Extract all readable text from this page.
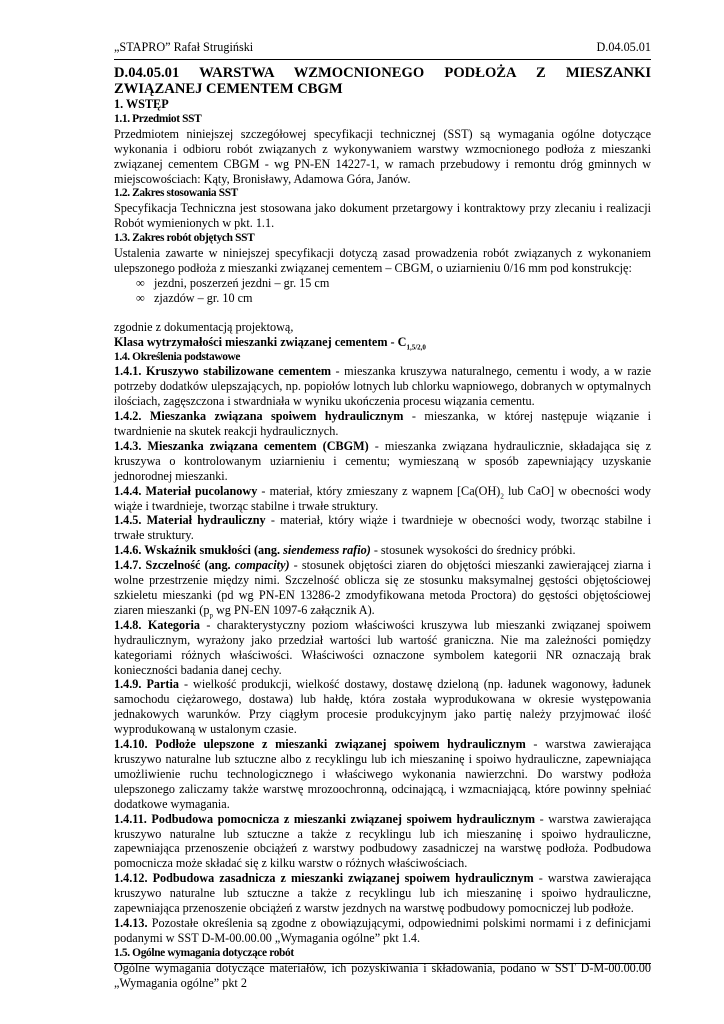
„STAPRO” Rafał Strugiński	D.04.05.01

D.04.05.01 WARSTWA WZMOCNIONEGO PODŁOŻA Z MIESZANKI ZWIĄZANEJ CEMENTEM CBGM

1. WSTĘP

1.1. Przedmiot SST

Przedmiotem niniejszej szczegółowej specyfikacji technicznej (SST) są wymagania ogólne dotyczące wykonania i odbioru robót związanych z wykonywaniem warstwy wzmocnionego podłoża z mieszanki związanej cementem CBGM - wg PN-EN 14227-1, w ramach przebudowy i remontu dróg gminnych w miejscowościach: Kąty, Bronisławy, Adamowa Góra, Janów.

1.2. Zakres stosowania SST

Specyfikacja Techniczna jest stosowana jako dokument przetargowy i kontraktowy przy zlecaniu i realizacji Robót wymienionych w pkt. 1.1.

1.3. Zakres robót objętych SST

Ustalenia zawarte w niniejszej specyfikacji dotyczą zasad prowadzenia robót związanych z wykonaniem ulepszonego podłoża z mieszanki związanej cementem – CBGM, o uziarnieniu 0/16 mm pod konstrukcję:

∞ jezdni, poszerzeń jezdni – gr. 15 cm

∞ zjazdów – gr. 10 cm

zgodnie z dokumentacją projektową,

Klasa wytrzymałości mieszanki związanej cementem - $C_{1,5/2,0}$

1.4. Określenia podstawowe

1.4.1. Kruszywo stabilizowane cementem - mieszanka kruszywa naturalnego, cementu i wody, a w razie potrzeby dodatków ulepszających, np. popiołów lotnych lub chlorku wapniowego, dobranych w optymalnych ilościach, zagęszczona i stwardniała w wyniku ukończenia procesu wiązania cementu.

1.4.2. Mieszanka związana spoiwem hydraulicznym - mieszanka, w której następuje wiązanie i twardnienie na skutek reakcji hydraulicznych.

1.4.3. Mieszanka związana cementem (CBGM) - mieszanka związana hydraulicznie, składająca się z kruszywa o kontrolowanym uziarnieniu i cementu; wymieszaną w sposób zapewniający uzyskanie jednorodnej mieszanki.

1.4.4. Materiał pucolanowy - materiał, który zmieszany z wapnem [$Ca(OH)_2$ lub CaO] w obecności wody wiąże i twardnieje, tworząc stabilne i trwałe struktury.

1.4.5. Materiał hydrauliczny - materiał, który wiąże i twardnieje w obecności wody, tworząc stabilne i trwałe struktury.

1.4.6. Wskaźnik smukłości (ang. siendemess rafio) - stosunek wysokości do średnicy próbki.

1.4.7. Szczelność (ang. compacity) - stosunek objętości ziaren do objętości mieszanki zawierającej ziarna i wolne przestrzenie między nimi. Szczelność oblicza się ze stosunku maksymalnej gęstości objętościowej szkieletu mieszanki (pd wg PN-EN 13286-2 zmodyfikowana metoda Proctora) do gęstości objętościowej ziaren mieszanki ($p_p$ wg PN-EN 1097-6 załącznik A).

1.4.8. Kategoria - charakterystyczny poziom właściwości kruszywa lub mieszanki związanej spoiwem hydraulicznym, wyrażony jako przedział wartości lub wartość graniczna. Nie ma zależności pomiędzy kategoriami różnych właściwości. Właściwości oznaczone symbolem kategorii NR oznaczają brak konieczności badania danej cechy.

1.4.9. Partia - wielkość produkcji, wielkość dostawy, dostawę dzieloną (np. ładunek wagonowy, ładunek samochodu ciężarowego, dostawa) lub hałdę, która została wyprodukowana w okresie występowania jednakowych warunków. Przy ciągłym procesie produkcyjnym jako partię należy przyjmować ilość wyprodukowaną w ustalonym czasie.

1.4.10. Podłoże ulepszone z mieszanki związanej spoiwem hydraulicznym - warstwa zawierająca kruszywo naturalne lub sztuczne albo z recyklingu lub ich mieszaninę i spoiwo hydrauliczne, zapewniająca umożliwienie ruchu technologicznego i właściwego wykonania nawierzchni. Do warstwy podłoża ulepszonego zaliczamy także warstwę mrozoochronną, odcinającą, i wzmacniającą, które powinny spełniać dodatkowe wymagania.

1.4.11. Podbudowa pomocnicza z mieszanki związanej spoiwem hydraulicznym - warstwa zawierająca kruszywo naturalne lub sztuczne a także z recyklingu lub ich mieszaninę i spoiwo hydrauliczne, zapewniająca przenoszenie obciążeń z warstwy podbudowy zasadniczej na warstwę podłoża. Podbudowa pomocnicza może składać się z kilku warstw o różnych właściwościach.

1.4.12. Podbudowa zasadnicza z mieszanki związanej spoiwem hydraulicznym - warstwa zawierająca kruszywo naturalne lub sztuczne a także z recyklingu lub ich mieszaninę i spoiwo hydrauliczne, zapewniająca przenoszenie obciążeń z warstw jezdnych na warstwę podbudowy pomocniczej lub podłoże.

1.4.13. Pozostałe określenia są zgodne z obowiązującymi, odpowiednimi polskimi normami i z definicjami podanymi w SST D-M-00.00.00 „Wymagania ogólne” pkt 1.4.

1.5. Ogólne wymagania dotyczące robót

Ogólne wymagania dotyczące materiałów, ich pozyskiwania i składowania, podano w SST D-M-00.00.00 „Wymagania ogólne” pkt 2
